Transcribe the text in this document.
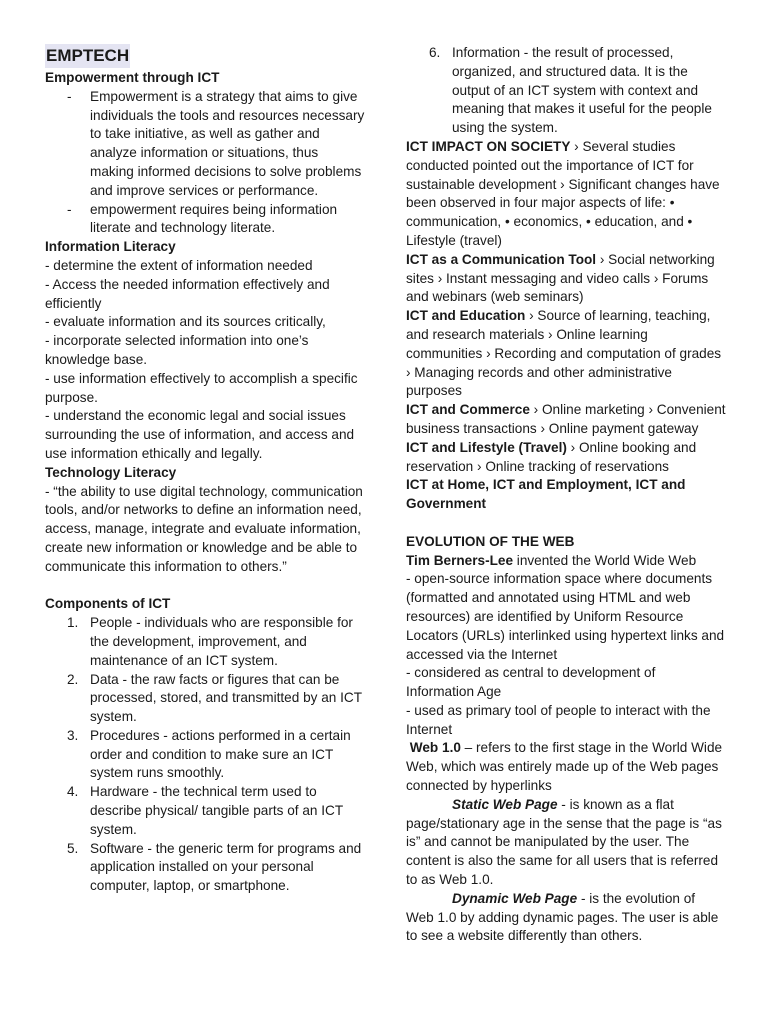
EMPTECH

Empowerment through ICT

- Empowerment is a strategy that aims to give individuals the tools and resources necessary to take initiative, as well as gather and analyze information or situations, thus making informed decisions to solve problems and improve services or performance.
- empowerment requires being information literate and technology literate.

Information Literacy

- determine the extent of information needed

- Access the needed information effectively and efficiently

- evaluate information and its sources critically,

- incorporate selected information into one’s knowledge base.

- use information effectively to accomplish a specific purpose.

- understand the economic legal and social issues surrounding the use of information, and access and use information ethically and legally.

Technology Literacy

- “the ability to use digital technology, communication tools, and/or networks to define an information need, access, manage, integrate and evaluate information, create new information or knowledge and be able to communicate this information to others.”

Components of ICT

1. People - individuals who are responsible for the development, improvement, and maintenance of an ICT system.
2. Data - the raw facts or figures that can be processed, stored, and transmitted by an ICT system.
3. Procedures - actions performed in a certain order and condition to make sure an ICT system runs smoothly.
4. Hardware - the technical term used to describe physical/ tangible parts of an ICT system.
5. Software - the generic term for programs and application installed on your personal computer, laptop, or smartphone.
6. Information - the result of processed, organized, and structured data. It is the output of an ICT system with context and meaning that makes it useful for the people using the system.

ICT IMPACT ON SOCIETY › Several studies conducted pointed out the importance of ICT for sustainable development › Significant changes have been observed in four major aspects of life: • communication, • economics, • education, and • Lifestyle (travel)

ICT as a Communication Tool › Social networking sites › Instant messaging and video calls › Forums and webinars (web seminars)

ICT and Education › Source of learning, teaching, and research materials › Online learning communities › Recording and computation of grades › Managing records and other administrative purposes

ICT and Commerce › Online marketing › Convenient business transactions › Online payment gateway

ICT and Lifestyle (Travel) › Online booking and reservation › Online tracking of reservations

ICT at Home, ICT and Employment, ICT and Government

EVOLUTION OF THE WEB

Tim Berners-Lee invented the World Wide Web

- open-source information space where documents (formatted and annotated using HTML and web resources) are identified by Uniform Resource Locators (URLs) interlinked using hypertext links and accessed via the Internet

- considered as central to development of Information Age

- used as primary tool of people to interact with the Internet

Web 1.0 – refers to the first stage in the World Wide Web, which was entirely made up of the Web pages connected by hyperlinks

Static Web Page - is known as a flat page/stationary age in the sense that the page is “as is” and cannot be manipulated by the user. The content is also the same for all users that is referred to as Web 1.0.

Dynamic Web Page - is the evolution of Web 1.0 by adding dynamic pages. The user is able to see a website differently than others.
